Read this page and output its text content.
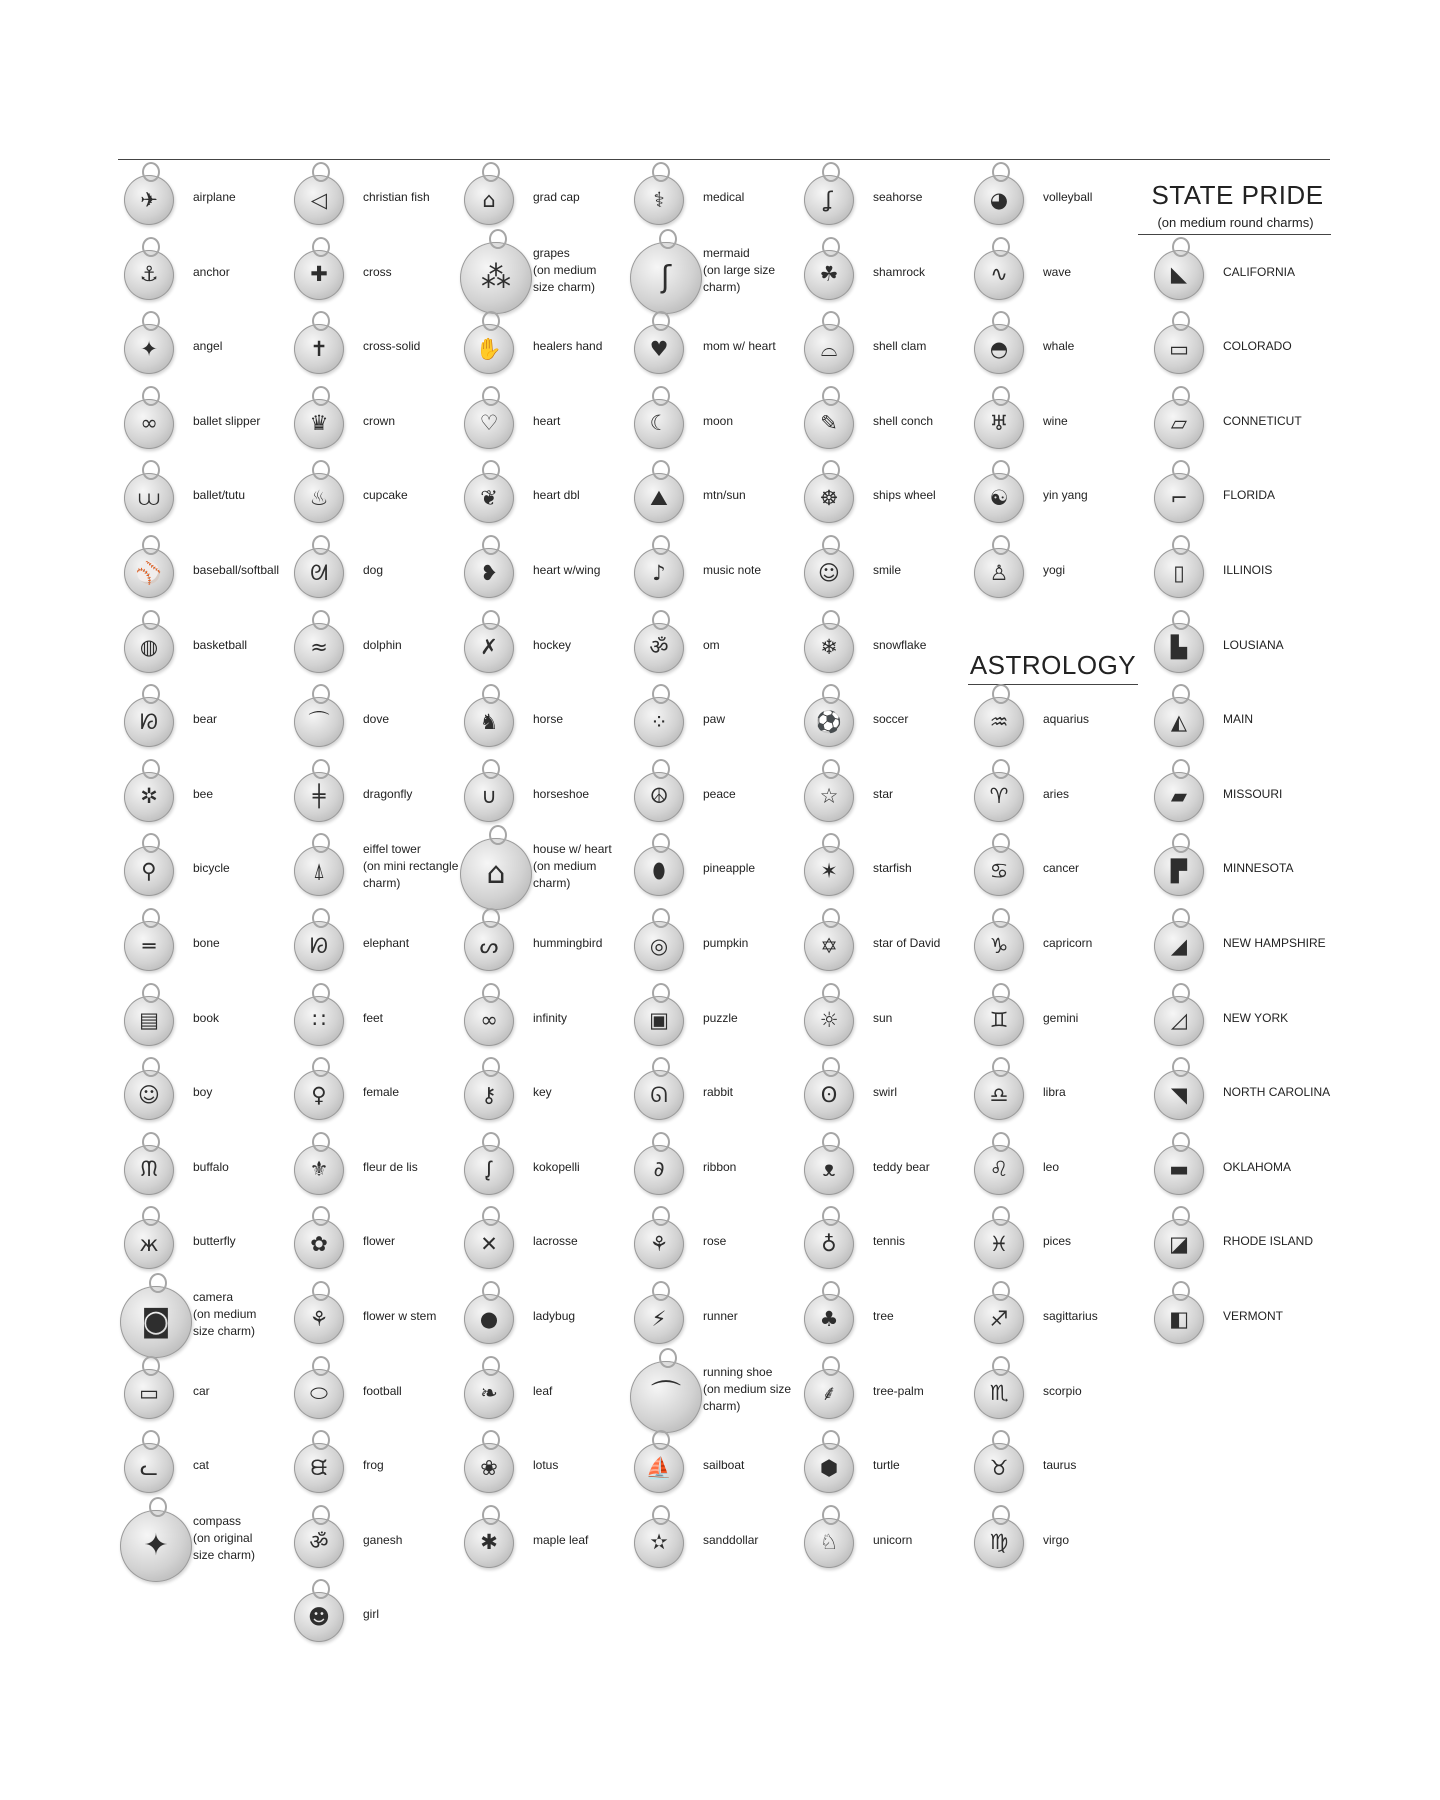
STATE PRIDE
(on medium round charms)
ASTROLOGY
✈	airplane
⚓	anchor
✦	angel
∞	ballet slipper
⩊	ballet/tutu
⚾	baseball/softball
◍	basketball
ᘗ	bear
✲	bee
⚲	bicycle
═	bone
▤	book
☺	boy
ᙏ	buffalo
ж	butterfly
◙
camera
(on medium
size charm)
▭	car
ᓚ	cat
✦
compass
(on original
size charm)
◁	christian fish
✚	cross
✝	cross-solid
♛	crown
♨	cupcake
ᘛ	dog
≈	dolphin
⌒	dove
╪	dragonfly
⍋
eiffel tower
(on mini rectangle
charm)
ᘗ	elephant
∷	feet
♀	female
⚜	fleur de lis
✿	flower
⚘	flower w stem
⬭	football
ᙙ	frog
ॐ	ganesh
☻	girl
⌂	grad cap
⁂
grapes
(on medium
size charm)
✋	healers hand
♡	heart
❦	heart dbl
❥	heart w/wing
✗	hockey
♞	horse
∪	horseshoe
⌂
house w/ heart
(on medium
charm)
ᔕ	hummingbird
∞	infinity
⚷	key
ᶘ	kokopelli
✕	lacrosse
●	ladybug
❧	leaf
❀	lotus
✱	maple leaf
⚕	medical
ʃ
mermaid
(on large size
charm)
♥	mom w/ heart
☾	moon
⛰	mtn/sun
♪	music note
ॐ	om
⁘	paw
☮	peace
⬮	pineapple
◎	pumpkin
▣	puzzle
ᘏ	rabbit
∂	ribbon
⚘	rose
⚡	runner
⌒
running shoe
(on medium size
charm)
⛵	sailboat
✫	sanddollar
ʆ	seahorse
☘	shamrock
⌓	shell clam
✎	shell conch
☸	ships wheel
☺	smile
❄	snowflake
⚽	soccer
☆	star
✶	starfish
✡	star of David
☼	sun
ʘ	swirl
ᴥ	teddy bear
♁	tennis
♣	tree
⸙	tree-palm
⬢	turtle
♘	unicorn
◕	volleyball
∿	wave
◓	whale
♅	wine
☯	yin yang
♙	yogi
♒	aquarius
♈	aries
♋	cancer
♑	capricorn
♊	gemini
♎	libra
♌	leo
♓	pices
♐	sagittarius
♏	scorpio
♉	taurus
♍	virgo
◣	CALIFORNIA
▭	COLORADO
▱	CONNETICUT
⌐	FLORIDA
▯	ILLINOIS
▙	LOUSIANA
◭	MAIN
▰	MISSOURI
▛	MINNESOTA
◢	NEW HAMPSHIRE
◿	NEW YORK
◥	NORTH CAROLINA
▬	OKLAHOMA
◪	RHODE ISLAND
◧	VERMONT
